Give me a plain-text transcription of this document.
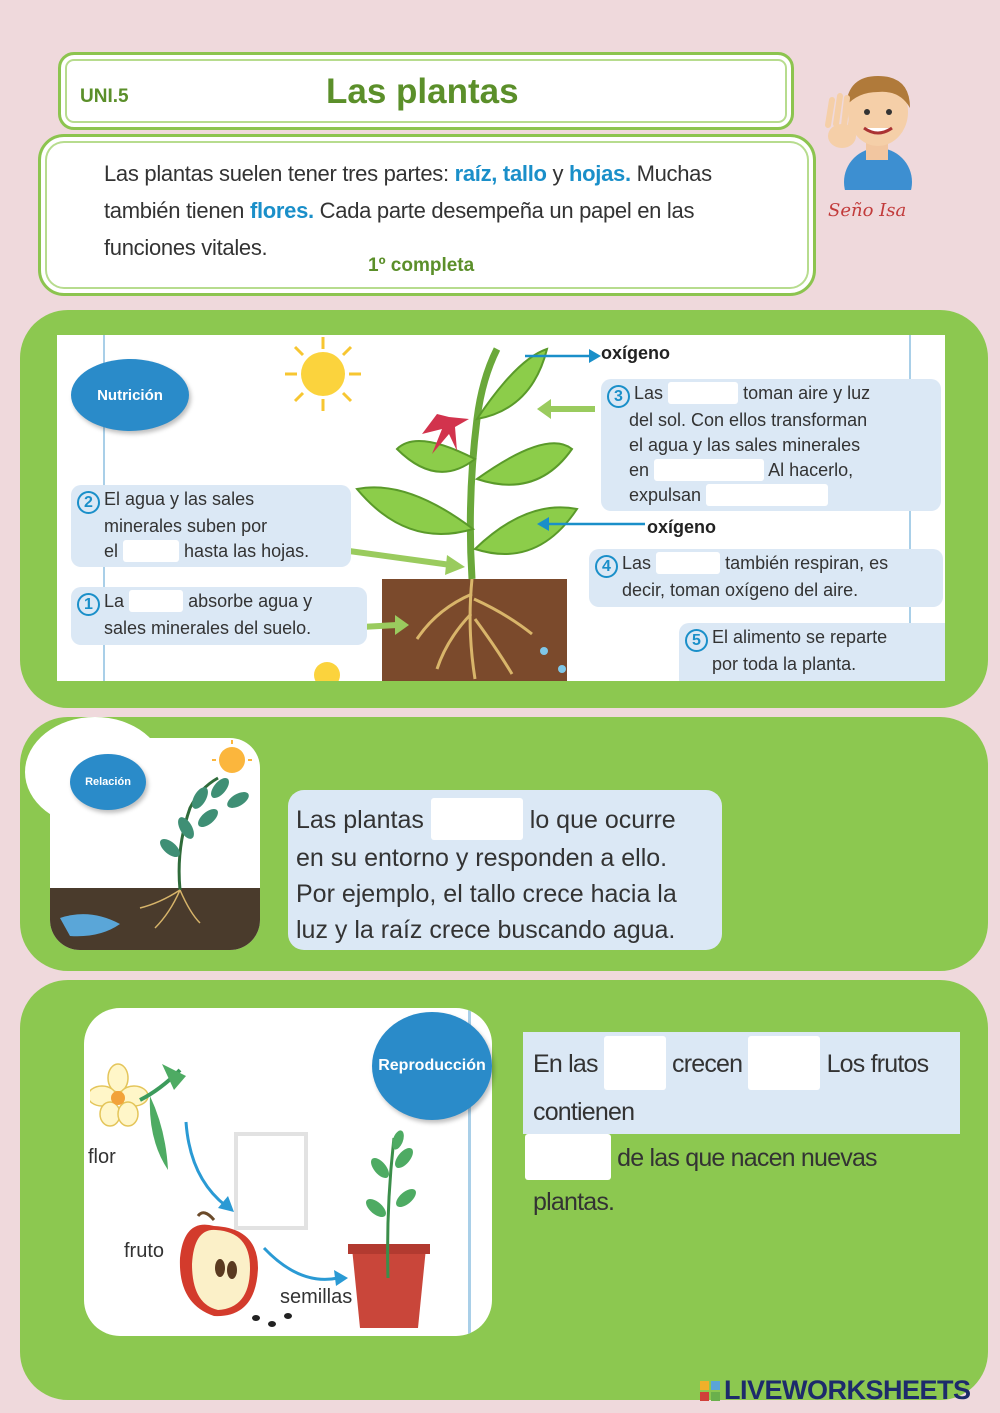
UNI.5	Las plantas
Las plantas suelen tener tres partes: raíz, tallo y hojas. Muchas también tienen flores. Cada parte desempeña un papel en las funciones vitales.
1º completa
Seño Isa
Nutrición
oxígeno
oxígeno
2 El agua y las sales
minerales suben por
el	hasta las hojas.
1 La	absorbe agua y
sales minerales del suelo.
3 Las	toman aire y luz
del sol. Con ellos transforman
el agua y las sales minerales
en	Al hacerlo,
expulsan
4 Las	también respiran, es
decir, toman oxígeno del aire.
5 El alimento se reparte
por toda la planta.
Relación
Las plantas	lo que ocurre
en su entorno y responden a ello.
Por ejemplo, el tallo crece hacia la
luz y la raíz crece buscando agua.
flor
fruto
semillas
Reproducción En las	crecen	Los frutos contienen
de las que nacen nuevas plantas.
LIVEWORKSHEETS
